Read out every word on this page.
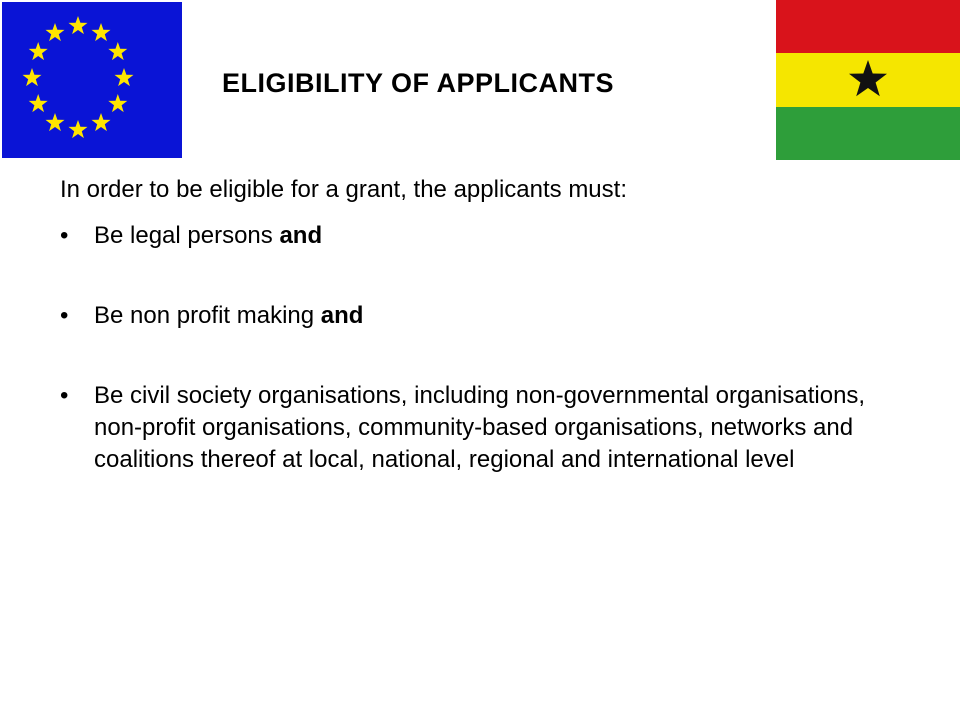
ELIGIBILITY OF APPLICANTS
In order to be eligible for a grant, the applicants must:
• Be legal persons and
• Be non profit making and
• Be civil society organisations, including non-governmental organisations, non-profit organisations, community-based organisations, networks and coalitions thereof at local, national, regional and international level
